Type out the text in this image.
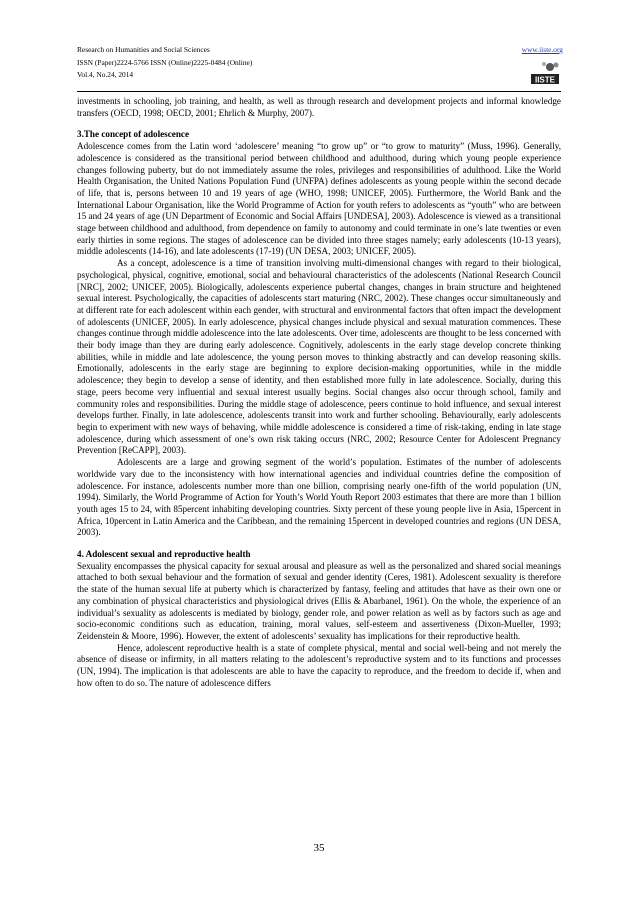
Research on Humanities and Social Sciences
ISSN (Paper)2224-5766 ISSN (Online)2225-0484 (Online)
Vol.4, No.24, 2014
www.iiste.org
IISTE

investments in schooling, job training, and health, as well as through research and development projects and informal knowledge transfers (OECD, 1998; OECD, 2001; Ehrlich & Murphy, 2007).

3.The concept of adolescence

Adolescence comes from the Latin word ‘adolescere’ meaning “to grow up” or “to grow to maturity” (Muss, 1996). Generally, adolescence is considered as the transitional period between childhood and adulthood, during which young people experience changes following puberty, but do not immediately assume the roles, privileges and responsibilities of adulthood. Like the World Health Organisation, the United Nations Population Fund (UNFPA) defines adolescents as young people within the second decade of life, that is, persons between 10 and 19 years of age (WHO, 1998; UNICEF, 2005). Furthermore, the World Bank and the International Labour Organisation, like the World Programme of Action for youth refers to adolescents as “youth” who are between 15 and 24 years of age (UN Department of Economic and Social Affairs [UNDESA], 2003). Adolescence is viewed as a transitional stage between childhood and adulthood, from dependence on family to autonomy and could terminate in one’s late twenties or even early thirties in some regions. The stages of adolescence can be divided into three stages namely; early adolescents (10-13 years), middle adolescents (14-16), and late adolescents (17-19) (UN DESA, 2003; UNICEF, 2005).

As a concept, adolescence is a time of transition involving multi-dimensional changes with regard to their biological, psychological, physical, cognitive, emotional, social and behavioural characteristics of the adolescents (National Research Council [NRC], 2002; UNICEF, 2005). Biologically, adolescents experience pubertal changes, changes in brain structure and heightened sexual interest. Psychologically, the capacities of adolescents start maturing (NRC, 2002). These changes occur simultaneously and at different rate for each adolescent within each gender, with structural and environmental factors that often impact the development of adolescents (UNICEF, 2005). In early adolescence, physical changes include physical and sexual maturation commences. These changes continue through middle adolescence into the late adolescents. Over time, adolescents are thought to be less concerned with their body image than they are during early adolescence. Cognitively, adolescents in the early stage develop concrete thinking abilities, while in middle and late adolescence, the young person moves to thinking abstractly and can develop reasoning skills. Emotionally, adolescents in the early stage are beginning to explore decision-making opportunities, while in the middle adolescence; they begin to develop a sense of identity, and then established more fully in late adolescence. Socially, during this stage, peers become very influential and sexual interest usually begins. Social changes also occur through school, family and community roles and responsibilities. During the middle stage of adolescence, peers continue to hold influence, and sexual interest develops further. Finally, in late adolescence, adolescents transit into work and further schooling. Behaviourally, early adolescents begin to experiment with new ways of behaving, while middle adolescence is considered a time of risk-taking, ending in late stage adolescence, during which assessment of one’s own risk taking occurs (NRC, 2002; Resource Center for Adolescent Pregnancy Prevention [ReCAPP], 2003).

Adolescents are a large and growing segment of the world’s population. Estimates of the number of adolescents worldwide vary due to the inconsistency with how international agencies and individual countries define the composition of adolescence. For instance, adolescents number more than one billion, comprising nearly one-fifth of the world population (UN, 1994). Similarly, the World Programme of Action for Youth’s World Youth Report 2003 estimates that there are more than 1 billion youth ages 15 to 24, with 85percent inhabiting developing countries. Sixty percent of these young people live in Asia, 15percent in Africa, 10percent in Latin America and the Caribbean, and the remaining 15percent in developed countries and regions (UN DESA, 2003).

4. Adolescent sexual and reproductive health

Sexuality encompasses the physical capacity for sexual arousal and pleasure as well as the personalized and shared social meanings attached to both sexual behaviour and the formation of sexual and gender identity (Ceres, 1981). Adolescent sexuality is therefore the state of the human sexual life at puberty which is characterized by fantasy, feeling and attitudes that have as their own one or any combination of physical characteristics and physiological drives (Ellis & Abarbanel, 1961). On the whole, the experience of an individual’s sexuality as adolescents is mediated by biology, gender role, and power relation as well as by factors such as age and socio-economic conditions such as education, training, moral values, self-esteem and assertiveness (Dixon-Mueller, 1993; Zeidenstein & Moore, 1996). However, the extent of adolescents’ sexuality has implications for their reproductive health.

Hence, adolescent reproductive health is a state of complete physical, mental and social well-being and not merely the absence of disease or infirmity, in all matters relating to the adolescent’s reproductive system and to its functions and processes (UN, 1994). The implication is that adolescents are able to have the capacity to reproduce, and the freedom to decide if, when and how often to do so. The nature of adolescence differs

35
